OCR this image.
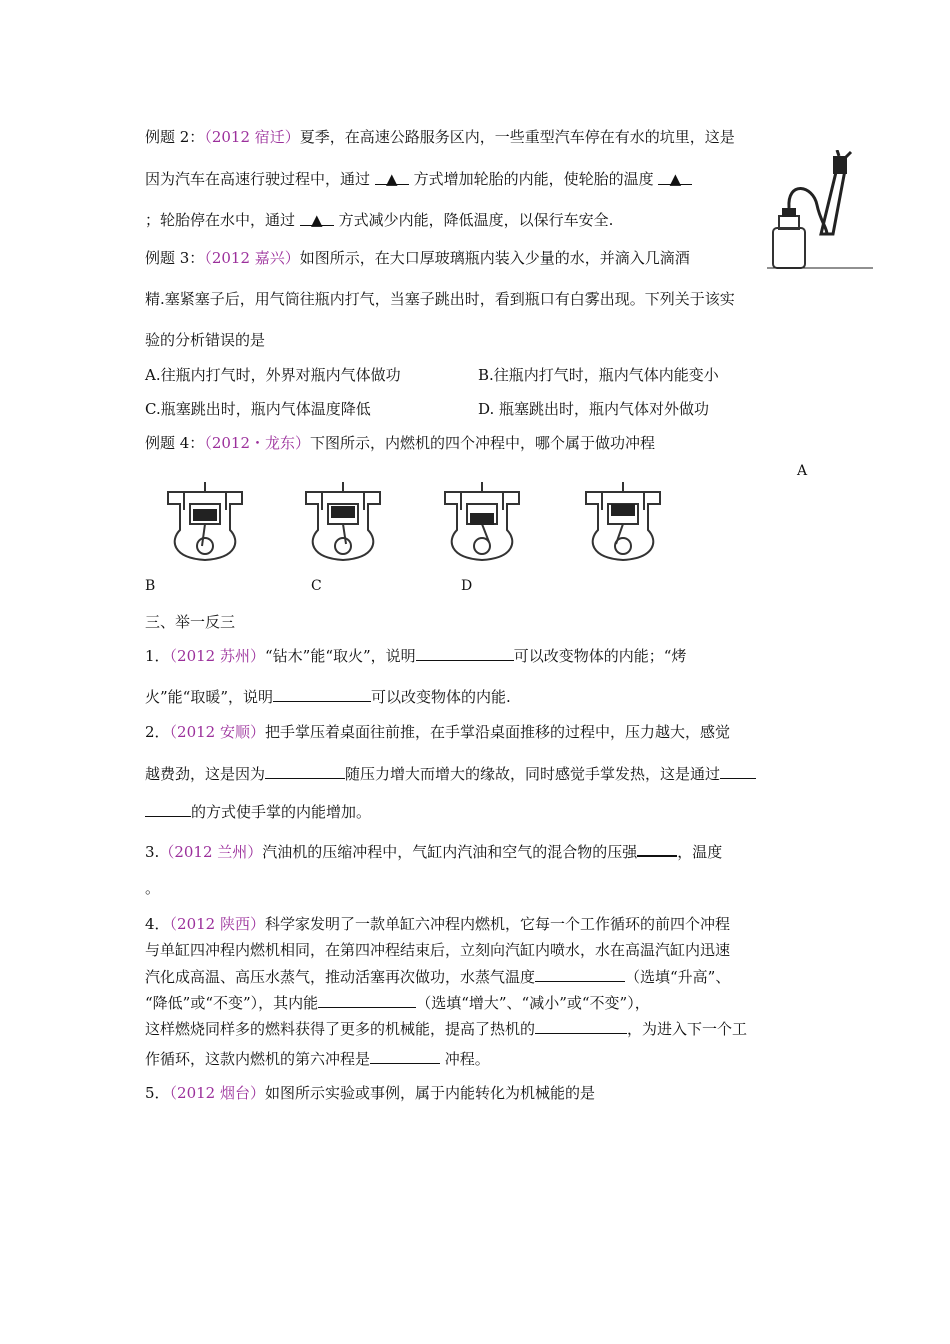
例题 2：（2012 宿迁）夏季，在高速公路服务区内，一些重型汽车停在有水的坑里，这是
因为汽车在高速行驶过程中，通过 ▲ 方式增加轮胎的内能，使轮胎的温度 ▲
；轮胎停在水中，通过 ▲ 方式减少内能，降低温度，以保行车安全.
例题 3：（2012 嘉兴）如图所示，在大口厚玻璃瓶内装入少量的水，并滴入几滴酒
精.塞紧塞子后，用气筒往瓶内打气，当塞子跳出时，看到瓶口有白雾出现。下列关于该实
验的分析错误的是
A.往瓶内打气时，外界对瓶内气体做功	B.往瓶内打气时，瓶内气体内能变小
C.瓶塞跳出时，瓶内气体温度降低	D. 瓶塞跳出时，瓶内气体对外做功
例题 4：（2012・龙东）下图所示，内燃机的四个冲程中，哪个属于做功冲程
A
B	C	D
三、举一反三
1．（2012 苏州）“钻木”能“取火”，说明	可以改变物体的内能；“烤
火”能“取暖”，说明	可以改变物体的内能.
2．（2012 安顺）把手掌压着桌面往前推，在手掌沿桌面推移的过程中，压力越大，感觉
越费劲，这是因为	随压力增大而增大的缘故，同时感觉手掌发热，这是通过
的方式使手掌的内能增加。
3.（2012 兰州）汽油机的压缩冲程中，气缸内汽油和空气的混合物的压强	，温度
。
4．（2012 陕西）科学家发明了一款单缸六冲程内燃机，它每一个工作循环的前四个冲程
与单缸四冲程内燃机相同，在第四冲程结束后，立刻向汽缸内喷水，水在高温汽缸内迅速
汽化成高温、高压水蒸气，推动活塞再次做功，水蒸气温度	（选填“升高”、
“降低”或“不变”），其内能	（选填“增大”、“减小”或“不变”），
这样燃烧同样多的燃料获得了更多的机械能，提高了热机的	，为进入下一个工
作循环，这款内燃机的第六冲程是	冲程。
5．（2012 烟台）如图所示实验或事例，属于内能转化为机械能的是
